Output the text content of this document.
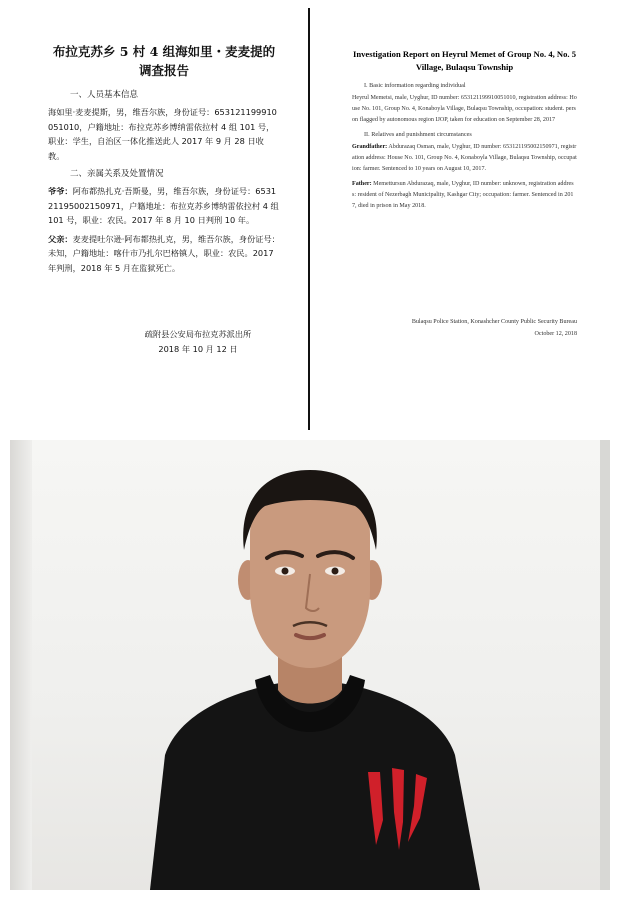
布拉克苏乡 5 村 4 组海如里・麦麦提的调查报告
一、人员基本信息

海如里·麦麦提斯，男，维吾尔族，身份证号：653121199910051010，户籍地址：布拉克苏乡博纳雷依拉村 4 组 101 号，职业：学生，自治区一体化推送此人 2017 年 9 月 28 日收教。

二、亲属关系及处置情况

爷爷：阿布都热扎克·吾斯曼，男，维吾尔族，身份证号：653121195002150971，户籍地址：布拉克苏乡博纳雷依拉村 4 组 101 号，职业：农民。2017 年 8 月 10 日判刑 10 年。

父亲：麦麦提吐尔逊·阿布都热扎克，男，维吾尔族，身份证号：未知，户籍地址：喀什市乃扎尔巴格镇人，职业：农民。2017 年判刑，2018 年 5 月在监狱死亡。

疏附县公安局布拉克苏派出所
2018 年 10 月 12 日
Investigation Report on Heyrul Memet of Group No. 4, No. 5 Village, Bulaqsu Township
I. Basic information regarding individual

Heyrul Memetsi, male, Uyghur, ID number: 653121199910051010, registration address: House No. 101, Group No. 4, Konaboyla Village, Bulaqsu Township, occupation: student. person flagged by autonomous region IJOP, taken for education on September 28, 2017

II. Relatives and punishment circumstances

Grandfather: Abdurazaq Osman, male, Uyghur, ID number: 653121195002150971, registration address: House No. 101, Group No. 4, Konaboyla Village, Bulaqsu Township, occupation: farmer. Sentenced to 10 years on August 10, 2017.

Father: Memettursun Abdurazaq, male, Uyghur, ID number: unknown, registration address: resident of Nezerbagh Municipality, Kashgar City; occupation: farmer. Sentenced in 2017, died in prison in May 2018.

Bulaqsu Police Station, Konashcher County Public Security Bureau
October 12, 2018
